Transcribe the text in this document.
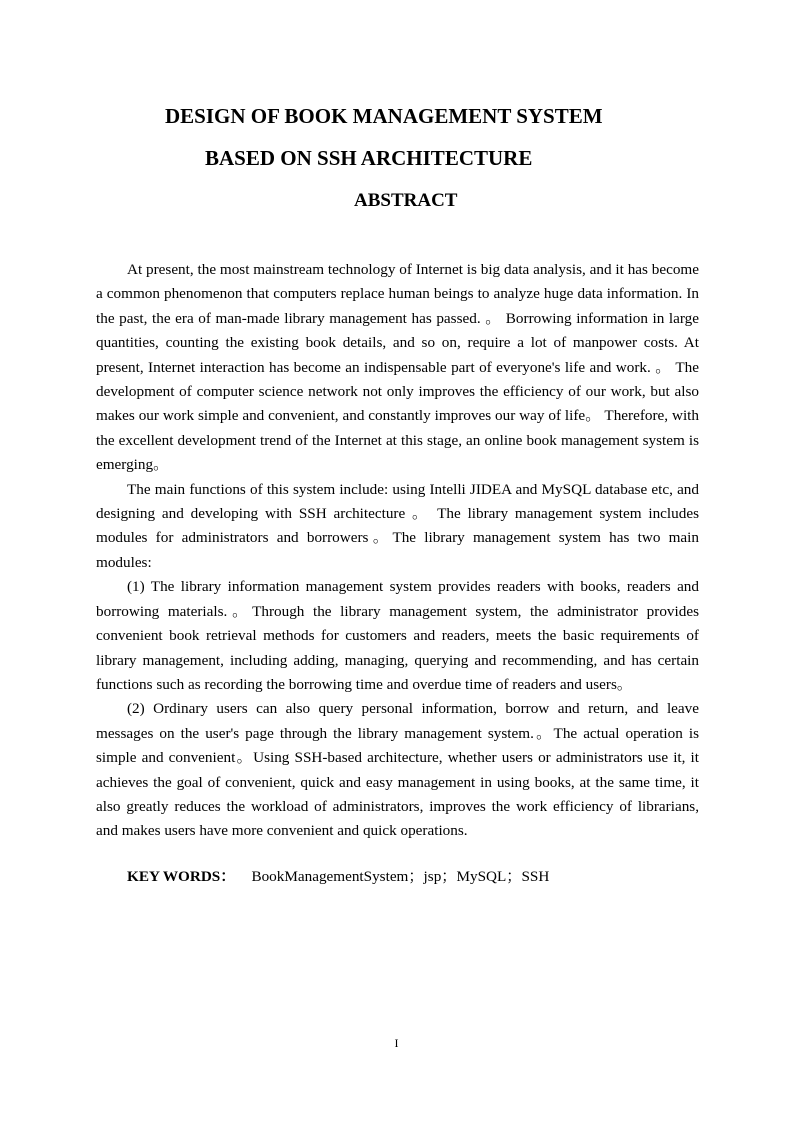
DESIGN OF BOOK MANAGEMENT SYSTEM
BASED ON SSH ARCHITECTURE
ABSTRACT

At present, the most mainstream technology of Internet is big data analysis, and it has become a common phenomenon that computers replace human beings to analyze huge data information. In the past, the era of man-made library management has passed. 。 Borrowing information in large quantities, counting the existing book details, and so on, require a lot of manpower costs. At present, Internet interaction has become an indispensable part of everyone's life and work. 。 The development of computer science network not only improves the efficiency of our work, but also makes our work simple and convenient, and constantly improves our way of life。 Therefore, with the excellent development trend of the Internet at this stage, an online book management system is emerging。

The main functions of this system include: using Intelli JIDEA and MySQL database etc, and designing and developing with SSH architecture 。 The library management system includes modules for administrators and borrowers。The library management system has two main modules:

(1) The library information management system provides readers with books, readers and borrowing materials.。Through the library management system, the administrator provides convenient book retrieval methods for customers and readers, meets the basic requirements of library management, including adding, managing, querying and recommending, and has certain functions such as recording the borrowing time and overdue time of readers and users。

(2) Ordinary users can also query personal information, borrow and return, and leave messages on the user's page through the library management system.。The actual operation is simple and convenient。Using SSH-based architecture, whether users or administrators use it, it achieves the goal of convenient, quick and easy management in using books, at the same time, it also greatly reduces the workload of administrators, improves the work efficiency of librarians, and makes users have more convenient and quick operations.

KEY WORDS： BookManagementSystem；jsp；MySQL；SSH
I
